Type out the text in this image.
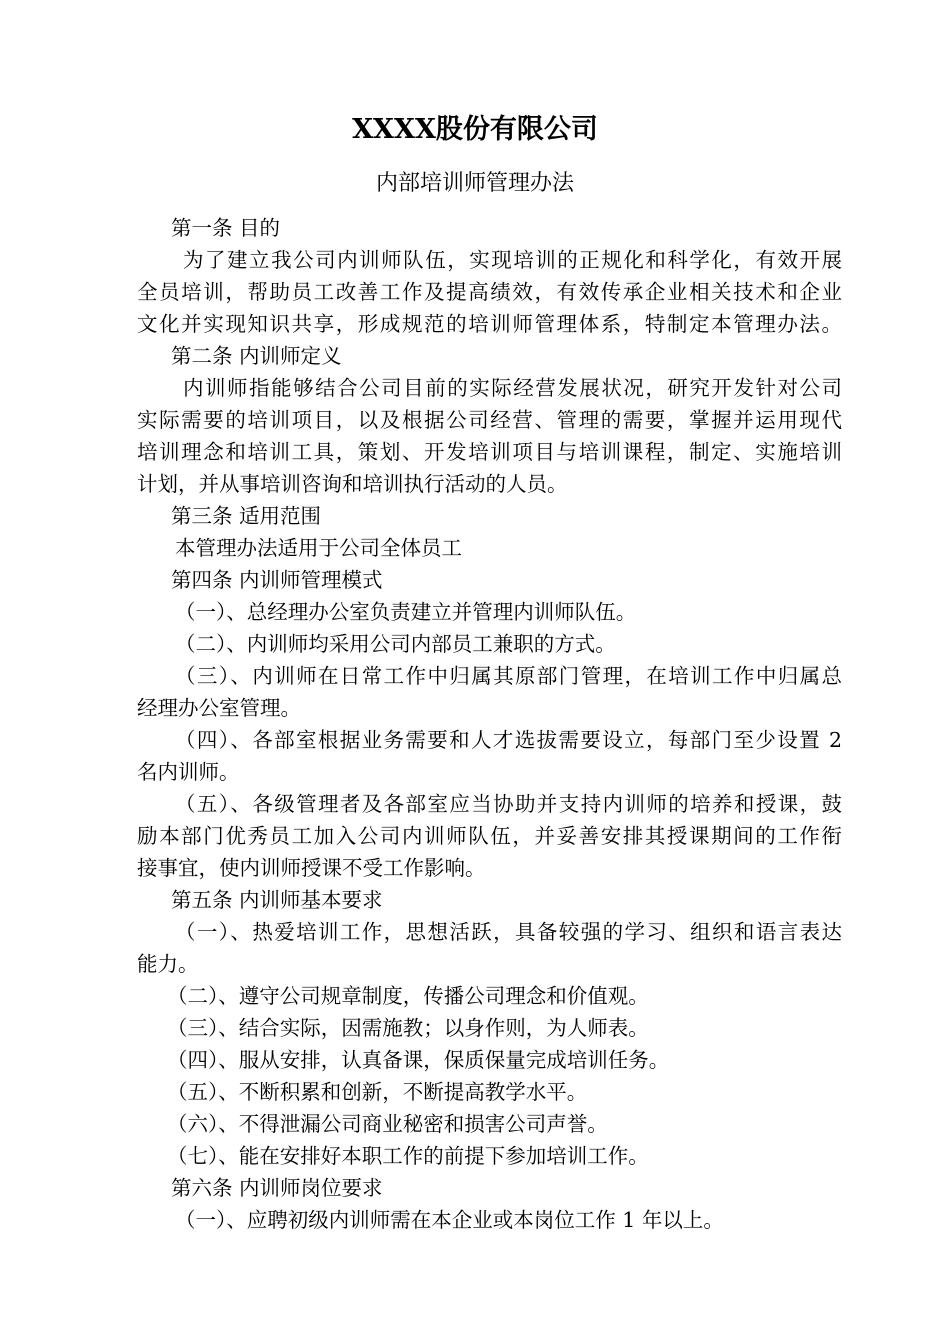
XXXX股份有限公司
内部培训师管理办法
第一条 目的
为了建立我公司内训师队伍，实现培训的正规化和科学化，有效开展
全员培训，帮助员工改善工作及提高绩效，有效传承企业相关技术和企业
文化并实现知识共享，形成规范的培训师管理体系，特制定本管理办法。
第二条 内训师定义
内训师指能够结合公司目前的实际经营发展状况，研究开发针对公司
实际需要的培训项目，以及根据公司经营、管理的需要，掌握并运用现代
培训理念和培训工具，策划、开发培训项目与培训课程，制定、实施培训
计划，并从事培训咨询和培训执行活动的人员。
第三条 适用范围
本管理办法适用于公司全体员工
第四条 内训师管理模式
（一）、总经理办公室负责建立并管理内训师队伍。
（二）、内训师均采用公司内部员工兼职的方式。
（三）、内训师在日常工作中归属其原部门管理，在培训工作中归属总
经理办公室管理。
（四）、各部室根据业务需要和人才选拔需要设立，每部门至少设置 2
名内训师。
（五）、各级管理者及各部室应当协助并支持内训师的培养和授课，鼓
励本部门优秀员工加入公司内训师队伍，并妥善安排其授课期间的工作衔
接事宜，使内训师授课不受工作影响。
第五条 内训师基本要求
（一）、热爱培训工作，思想活跃，具备较强的学习、组织和语言表达
能力。
（二）、遵守公司规章制度，传播公司理念和价值观。
（三）、结合实际，因需施教；以身作则，为人师表。
（四）、服从安排，认真备课，保质保量完成培训任务。
（五）、不断积累和创新，不断提高教学水平。
（六）、不得泄漏公司商业秘密和损害公司声誉。
（七）、能在安排好本职工作的前提下参加培训工作。
第六条 内训师岗位要求
（一）、应聘初级内训师需在本企业或本岗位工作 1 年以上。
